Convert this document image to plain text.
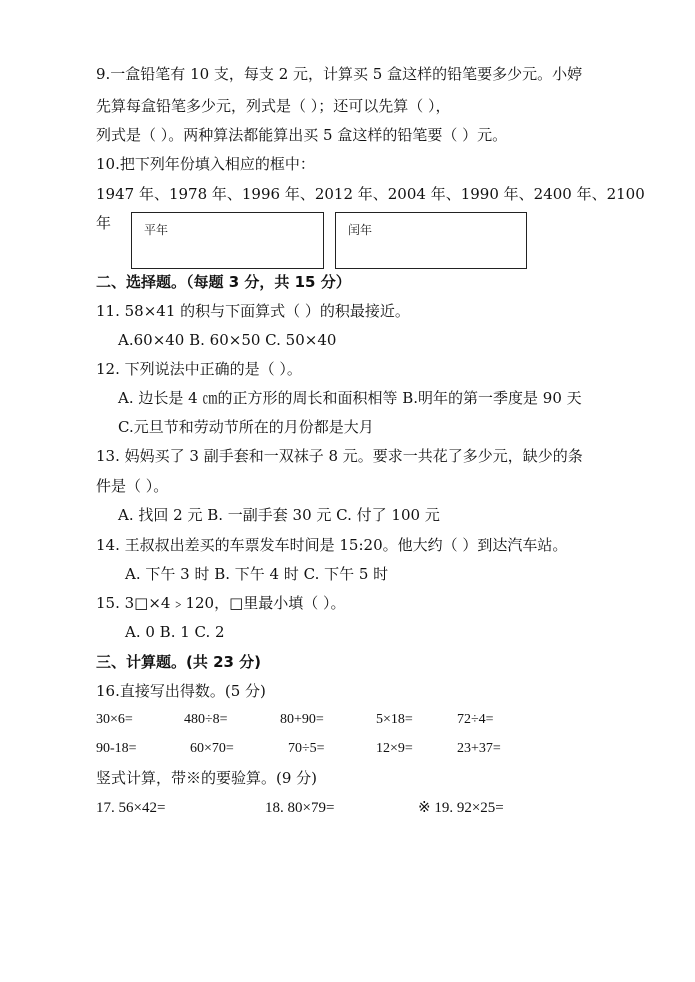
9.一盒铅笔有 10 支，每支 2 元，计算买 5 盒这样的铅笔要多少元。小婷
先算每盒铅笔多少元，列式是（ ）；还可以先算（ ），
列式是（ ）。两种算法都能算出买 5 盒这样的铅笔要（ ）元。
10.把下列年份填入相应的框中：
1947 年、1978 年、1996 年、2012 年、2004 年、1990 年、2400 年、2100
年	平年	闰年
二、选择题。（每题 3 分，共 15 分）
11. 58×41 的积与下面算式（ ）的积最接近。
A.60×40 B. 60×50 C. 50×40
12. 下列说法中正确的是（ ）。
A. 边长是 4 ㎝的正方形的周长和面积相等 B.明年的第一季度是 90 天
C.元旦节和劳动节所在的月份都是大月
13. 妈妈买了 3 副手套和一双袜子 8 元。要求一共花了多少元，缺少的条
件是（ ）。
A. 找回 2 元 B. 一副手套 30 元 C. 付了 100 元
14. 王叔叔出差买的车票发车时间是 15:20。他大约（ ）到达汽车站。
A. 下午 3 时 B. 下午 4 时 C. 下午 5 时
15. 3□×4﹥120，□里最小填（ ）。
A. 0 B. 1 C. 2
三、计算题。(共 23 分)
16.直接写出得数。(5 分)
30×6=	480÷8=	80+90=	5×18=	72÷4=
90-18=	60×70=	70÷5=	12×9=	23+37=
竖式计算，带※的要验算。(9 分)
17. 56×42=	18. 80×79=	※ 19. 92×25=
